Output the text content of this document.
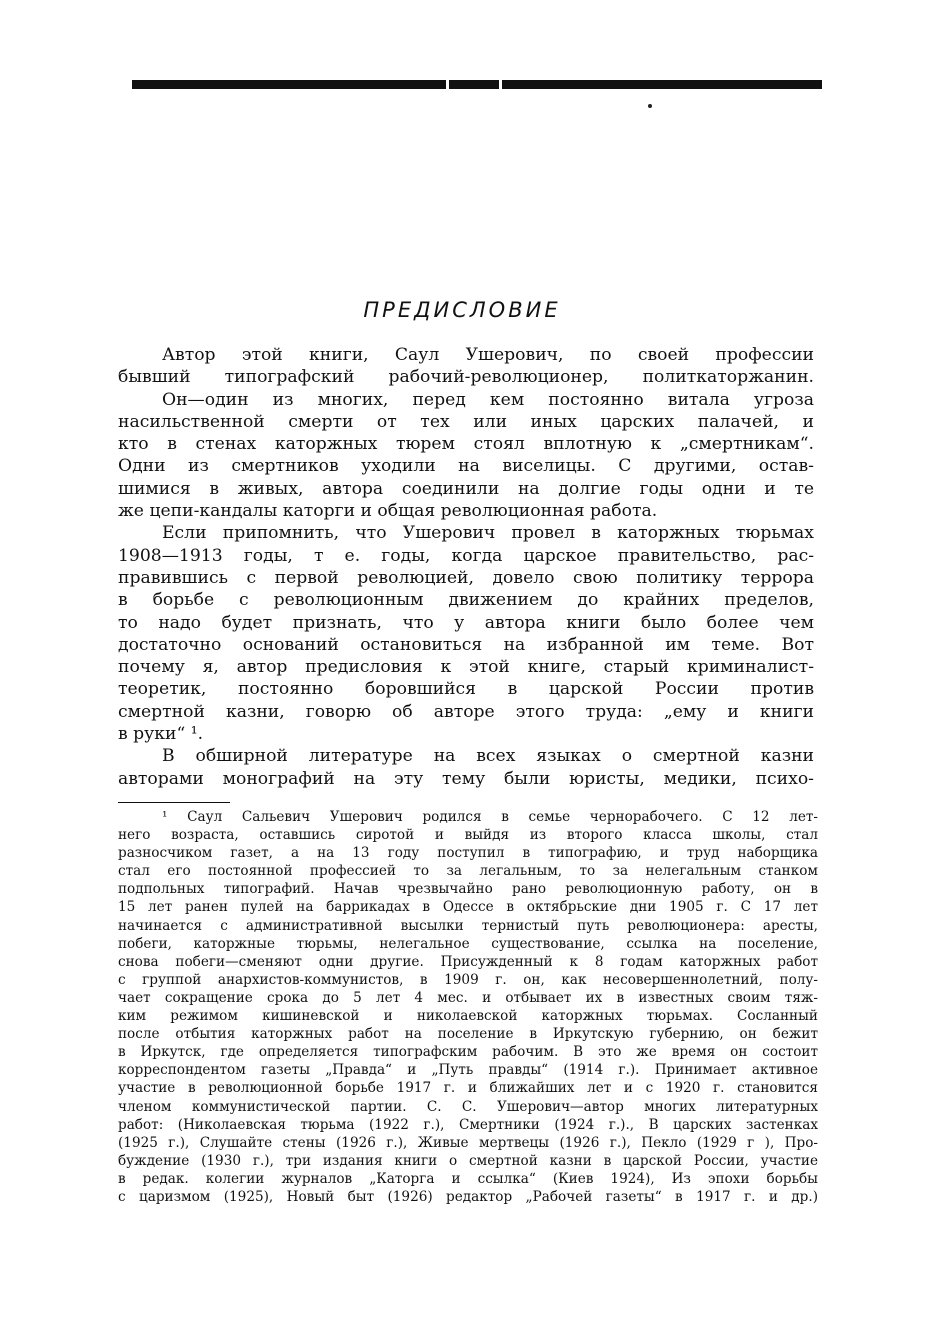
ПРЕДИСЛОВИЕ
Автор этой книги, Саул Ушерович, по своей профессии
бывший типографский рабочий-революционер, политкаторжанин.
Он—один из многих, перед кем постоянно витала угроза
насильственной смерти от тех или иных царских палачей, и
кто в стенах каторжных тюрем стоял вплотную к „смертникам“.
Одни из смертников уходили на виселицы. С другими, остав-
шимися в живых, автора соединили на долгие годы одни и те
же цепи-кандалы каторги и общая революционная работа.
Если припомнить, что Ушерович провел в каторжных тюрьмах
1908—1913 годы, т е. годы, когда царское правительство, рас-
правившись с первой революцией, довело свою политику террора
в борьбе с революционным движением до крайних пределов,
то надо будет признать, что у автора книги было более чем
достаточно оснований остановиться на избранной им теме. Вот
почему я, автор предисловия к этой книге, старый криминалист-
теоретик, постоянно боровшийся в царской России против
смертной казни, говорю об авторе этого труда: „ему и книги
в руки“ ¹.
В обширной литературе на всех языках о смертной казни
авторами монографий на эту тему были юристы, медики, психо-
¹ Саул Сальевич Ушерович родился в семье чернорабочего. С 12 лет-
него возраста, оставшись сиротой и выйдя из второго класса школы, стал
разносчиком газет, а на 13 году поступил в типографию, и труд наборщика
стал его постоянной профессией то за легальным, то за нелегальным станком
подпольных типографий. Начав чрезвычайно рано революционную работу, он в
15 лет ранен пулей на баррикадах в Одессе в октябрьские дни 1905 г. С 17 лет
начинается с административной высылки тернистый путь революционера: аресты,
побеги, каторжные тюрьмы, нелегальное существование, ссылка на поселение,
снова побеги—сменяют одни другие. Присужденный к 8 годам каторжных работ
с группой анархистов-коммунистов, в 1909 г. он, как несовершеннолетний, полу-
чает сокращение срока до 5 лет 4 мес. и отбывает их в известных своим тяж-
ким режимом кишиневской и николаевской каторжных тюрьмах. Сосланный
после отбытия каторжных работ на поселение в Иркутскую губернию, он бежит
в Иркутск, где определяется типографским рабочим. В это же время он состоит
корреспондентом газеты „Правда“ и „Путь правды“ (1914 г.). Принимает активное
участие в революционной борьбе 1917 г. и ближайших лет и с 1920 г. становится
членом коммунистической партии. С. С. Ушерович—автор многих литературных
работ: (Николаевская тюрьма (1922 г.), Смертники (1924 г.)., В царских застенках
(1925 г.), Слушайте стены (1926 г.), Живые мертвецы (1926 г.), Пекло (1929 г ), Про-
буждение (1930 г.), три издания книги о смертной казни в царской России, участие
в редак. колегии журналов „Каторга и ссылка“ (Киев 1924), Из эпохи борьбы
с царизмом (1925), Новый быт (1926) редактор „Рабочей газеты“ в 1917 г. и др.)
